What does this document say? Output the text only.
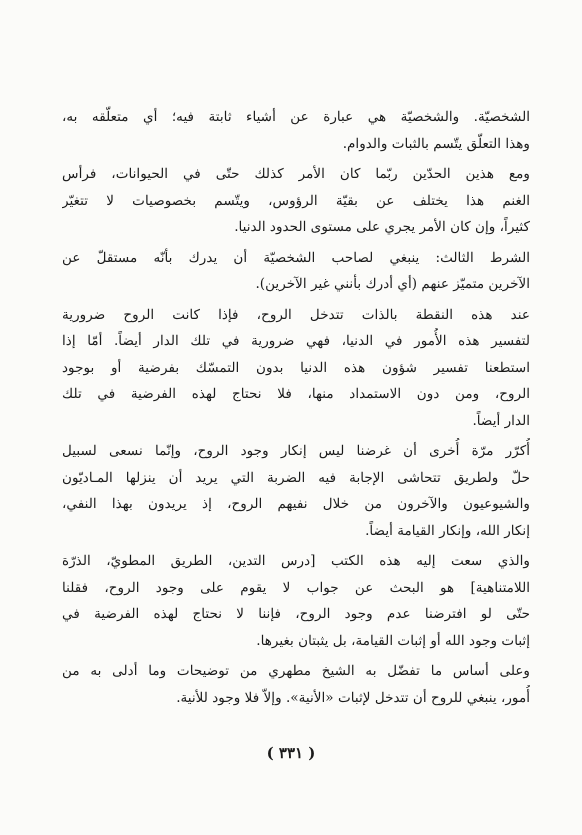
الشخصيّة. والشخصيّة هي عبارة عن أشياء ثابتة فيه؛ أي متعلّقه به،
وهذا التعلّق يتّسم بالثبات والدوام.
ومع هذين الحدّين ربّما كان الأمر كذلك حتّى في الحيوانات، فرأس
الغنم هذا يختلف عن بقيّة الرؤوس، ويتّسم بخصوصيات لا تتغيّر
كثيراً، وإن كان الأمر يجري على مستوى الحدود الدنيا.
الشرط الثالث: ينبغي لصاحب الشخصيّة أن يدرك بأنّه مستقلّ عن
الآخرين متميّز عنهم (أي أدرك بأنني غير الآخرين).
عند هذه النقطة بالذات تتدخل الروح، فإذا كانت الروح ضرورية
لتفسير هذه الأُمور في الدنيا، فهي ضرورية في تلك الدار أيضاً. أمّا إذا
استطعنا تفسير شؤون هذه الدنيا بدون التمسّك بفرضية أو بوجود
الروح، ومن دون الاستمداد منها، فلا نحتاج لهذه الفرضية في تلك
الدار أيضاً.
أُكرّر مرّة أُخرى أن غرضنا ليس إنكار وجود الروح، وإنّما نسعى لسبيل
حلّ ولطريق تتحاشى الإجابة فيه الضربة التي يريد أن ينزلها المـاديّون
والشيوعيون والآخرون من خلال نفيهم الروح، إذ يريدون بهذا النفي،
إنكار الله، وإنكار القيامة أيضاً.
والذي سعت إليه هذه الكتب [درس التدين، الطريق المطويّ، الذرّة
اللامتناهية] هو البحث عن جواب لا يقوم على وجود الروح، فقلنا
حتّى لو افترضنا عدم وجود الروح، فإننا لا نحتاج لهذه الفرضية في
إثبات وجود الله أو إثبات القيامة، بل يثبتان بغيرها.
وعلى أساس ما تفضّل به الشيخ مطهري من توضيحات وما أدلى به من
أُمور، ينبغي للروح أن تتدخل لإثبات «الأنية». وإلاّ فلا وجود للأنية.
( ٣٣١ )
